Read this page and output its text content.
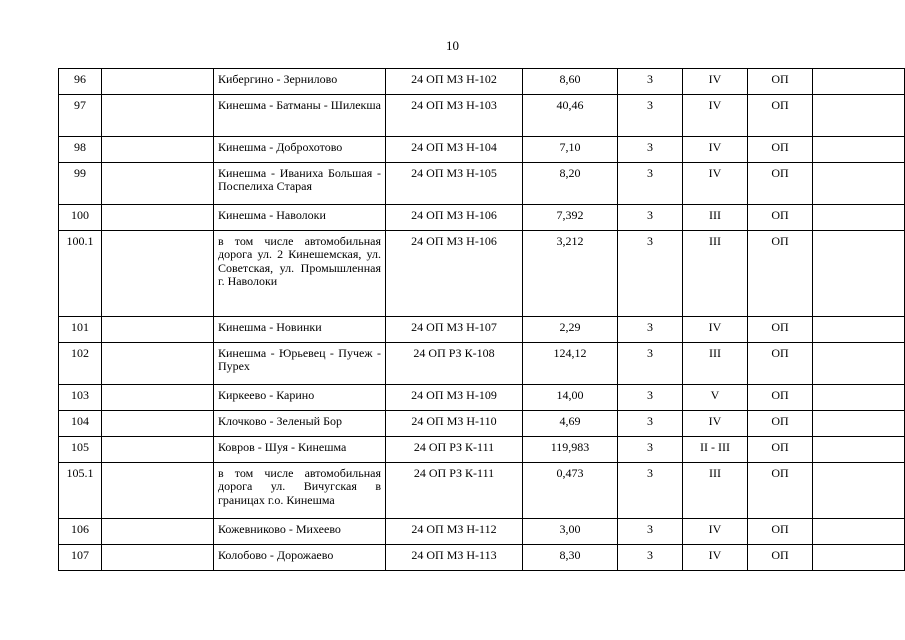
10
96		Кибергино - Зернилово	24 ОП МЗ Н-102	8,60	3	IV	ОП	
97		Кинешма - Батманы - Шилекша	24 ОП МЗ Н-103	40,46	3	IV	ОП	
98		Кинешма - Доброхотово	24 ОП МЗ Н-104	7,10	3	IV	ОП	
99		Кинешма - Иваниха Большая - Поспелиха Старая	24 ОП МЗ Н-105	8,20	3	IV	ОП	
100		Кинешма - Наволоки	24 ОП МЗ Н-106	7,392	3	III	ОП	
100.1		в том числе автомобильная дорога ул. 2 Кинешемская, ул. Советская, ул. Промышленная г. Наволоки	24 ОП МЗ Н-106	3,212	3	III	ОП	
101		Кинешма - Новинки	24 ОП МЗ Н-107	2,29	3	IV	ОП	
102		Кинешма - Юрьевец - Пучеж - Пурех	24 ОП РЗ К-108	124,12	3	III	ОП	
103		Киркеево - Карино	24 ОП МЗ Н-109	14,00	3	V	ОП	
104		Клочково - Зеленый Бор	24 ОП МЗ Н-110	4,69	3	IV	ОП	
105		Ковров - Шуя - Кинешма	24 ОП РЗ К-111	119,983	3	II - III	ОП	
105.1		в том числе автомобильная дорога ул. Вичугская в границах г.о. Кинешма	24 ОП РЗ К-111	0,473	3	III	ОП	
106		Кожевниково - Михеево	24 ОП МЗ Н-112	3,00	3	IV	ОП	
107		Колобово - Дорожаево	24 ОП МЗ Н-113	8,30	3	IV	ОП	
